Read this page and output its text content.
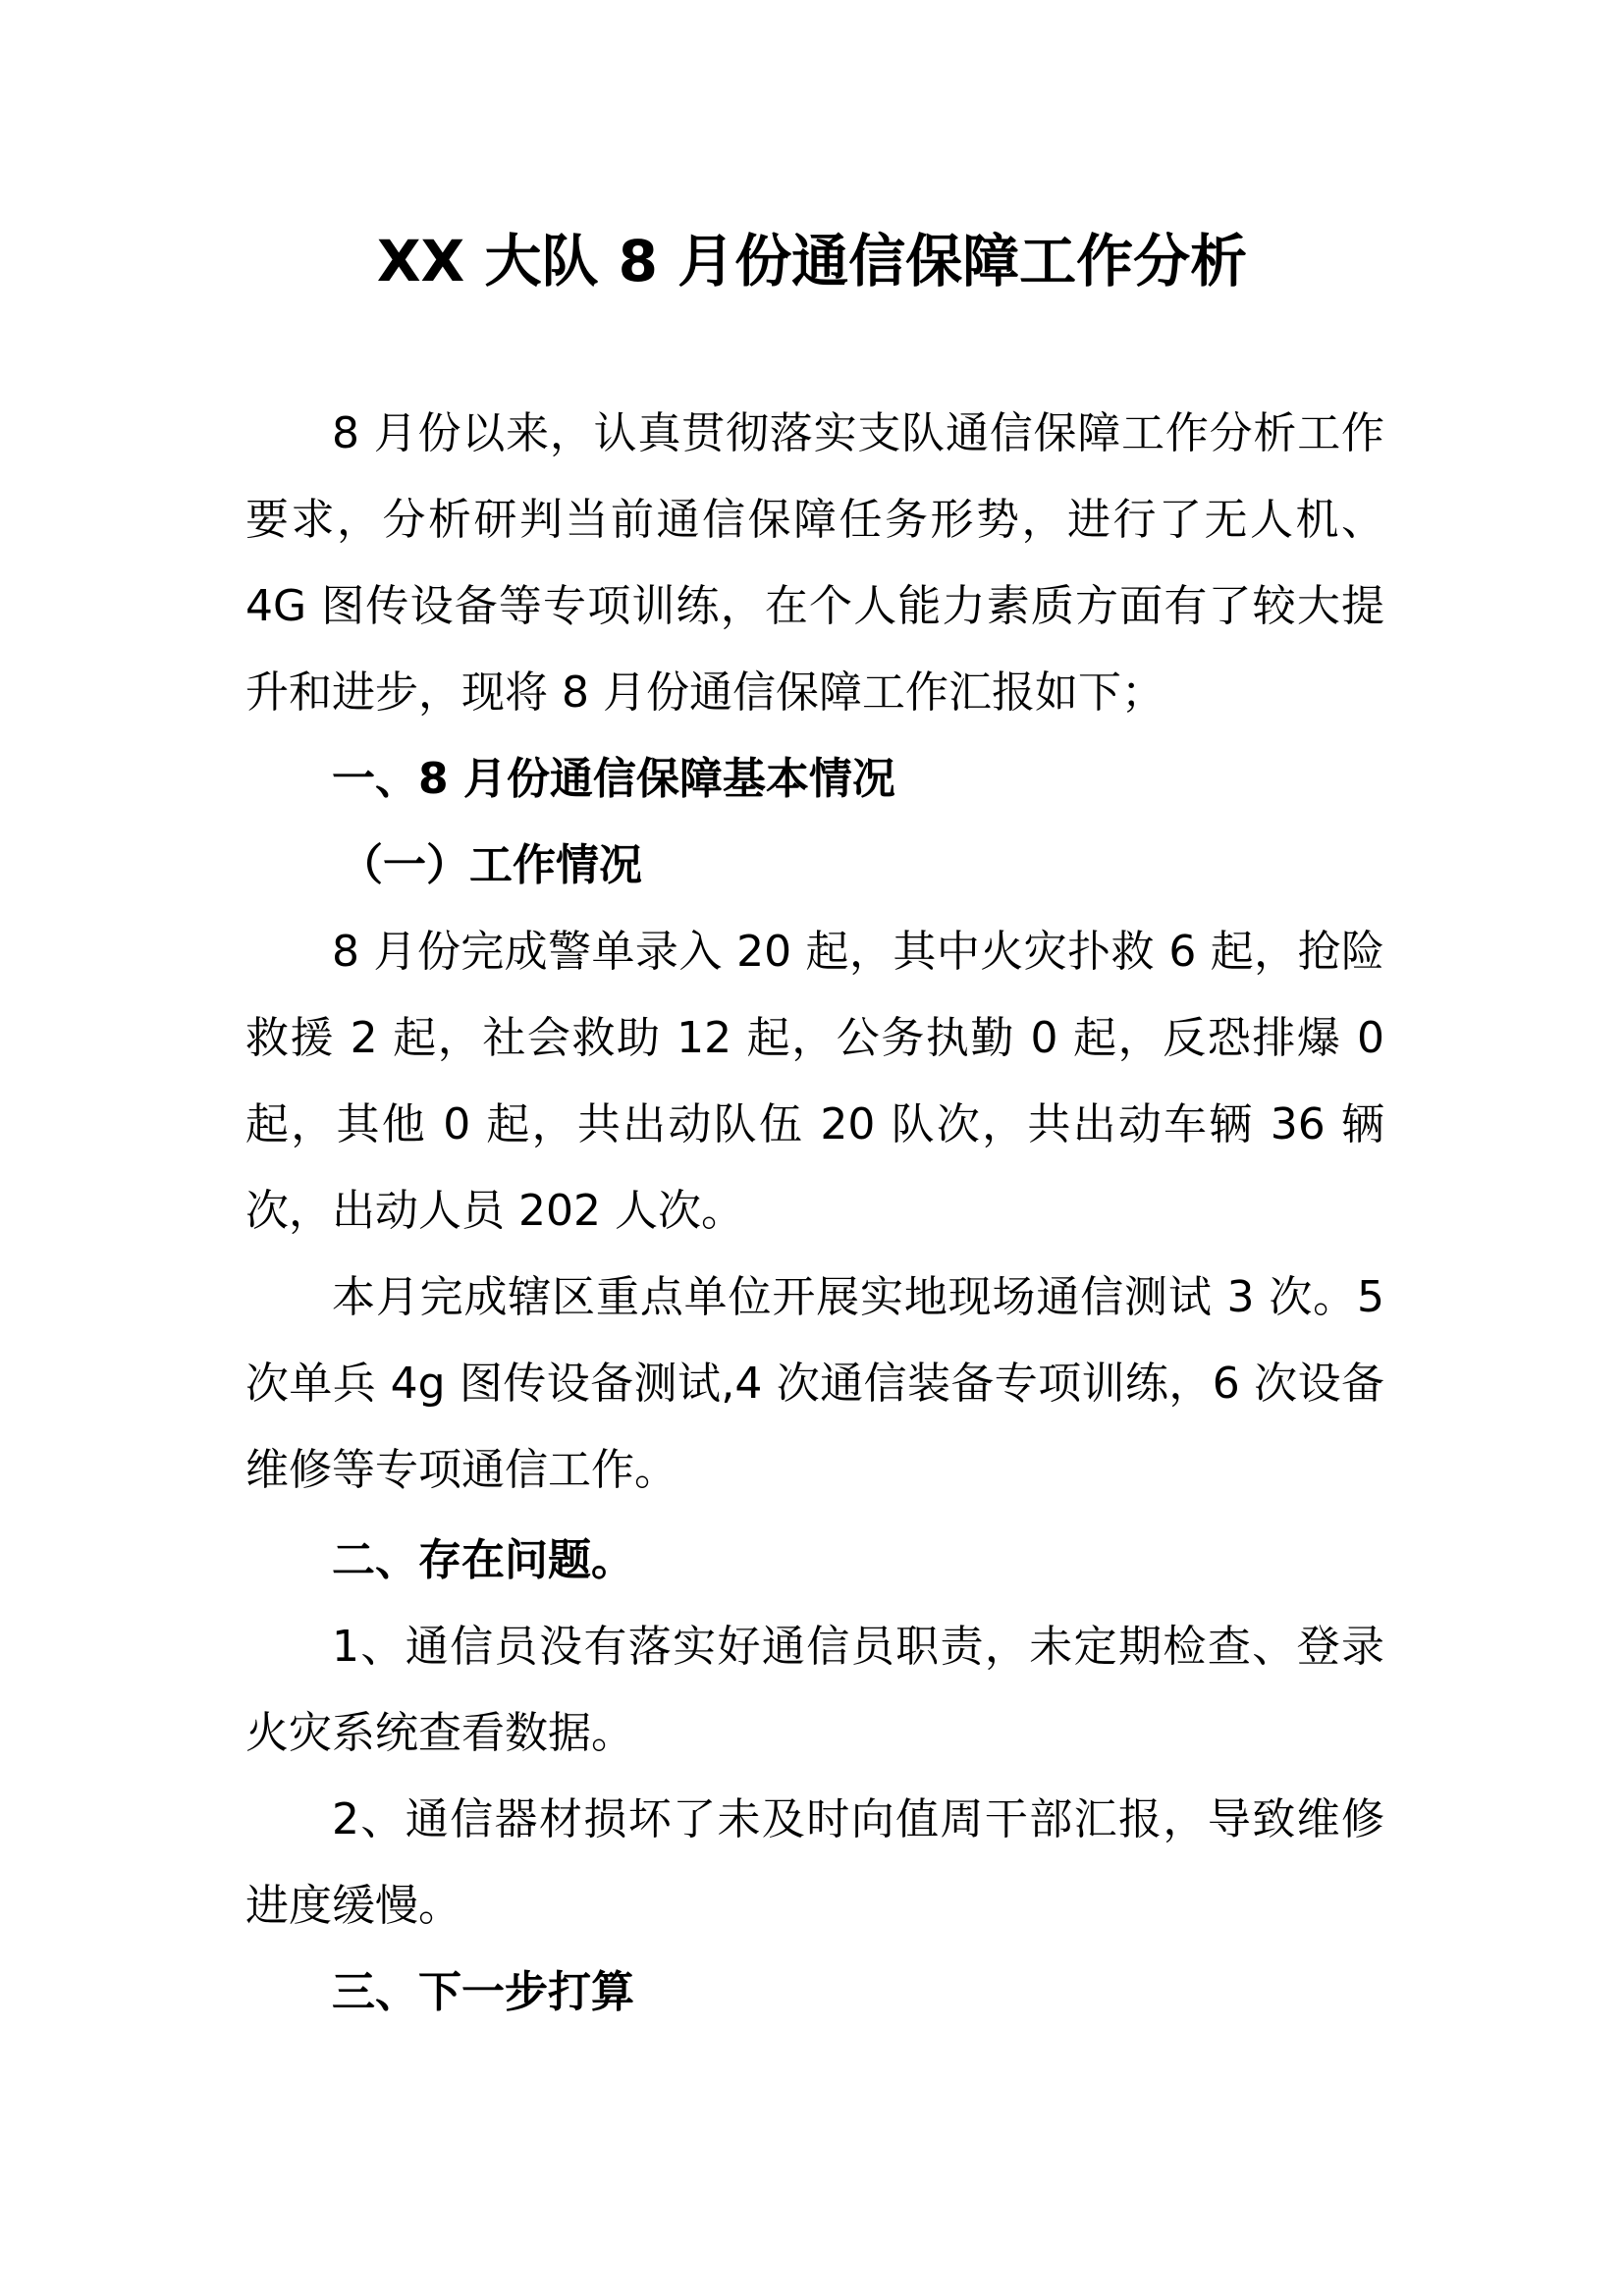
XX 大队 8 月份通信保障工作分析

8 月份以来，认真贯彻落实支队通信保障工作分析工作要求，分析研判当前通信保障任务形势，进行了无人机、4G 图传设备等专项训练，在个人能力素质方面有了较大提升和进步，现将 8 月份通信保障工作汇报如下；

一、8 月份通信保障基本情况

（一）工作情况

8 月份完成警单录入 20 起，其中火灾扑救 6 起，抢险救援 2 起，社会救助 12 起，公务执勤 0 起，反恐排爆 0 起，其他 0 起，共出动队伍 20 队次，共出动车辆 36 辆次，出动人员 202 人次。

本月完成辖区重点单位开展实地现场通信测试 3 次。5 次单兵 4g 图传设备测试,4 次通信装备专项训练，6 次设备维修等专项通信工作。

二、存在问题。

1、通信员没有落实好通信员职责，未定期检查、登录火灾系统查看数据。

2、通信器材损坏了未及时向值周干部汇报，导致维修进度缓慢。

三、下一步打算
